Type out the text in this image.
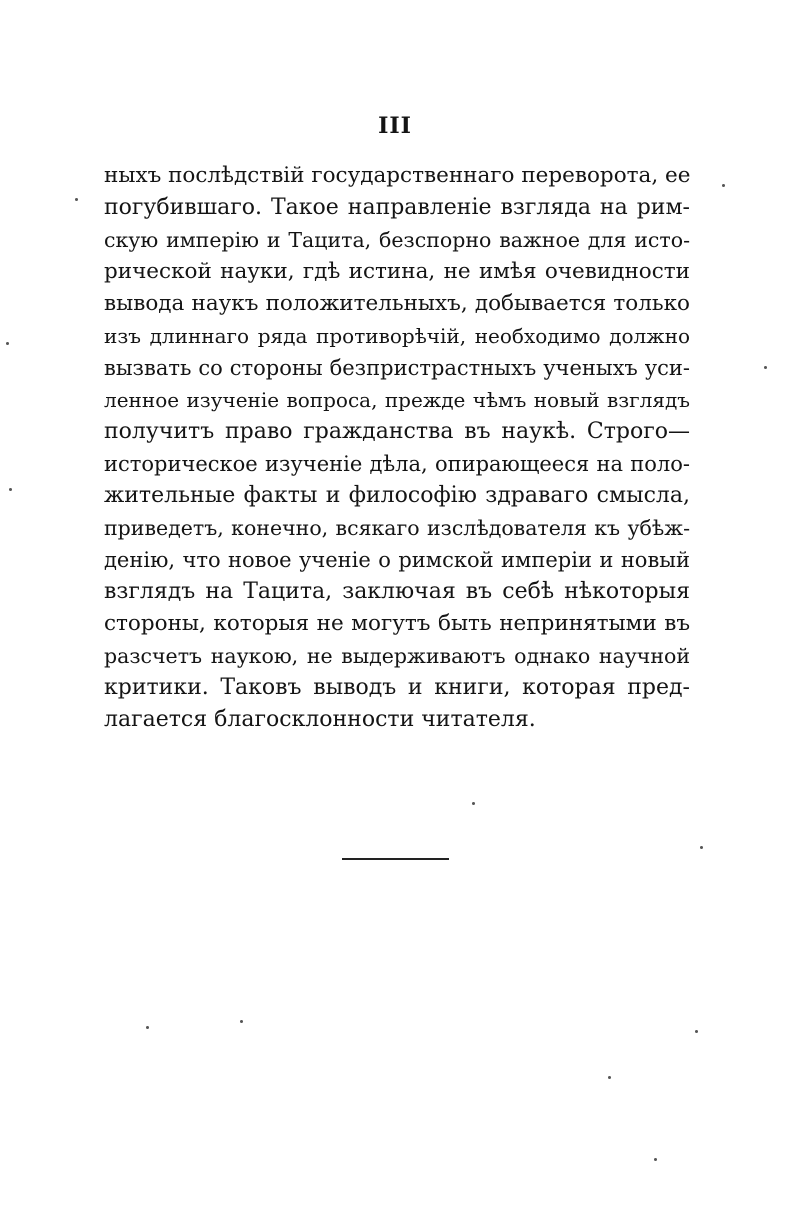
III
ныхъ послѣдствій государственнаго переворота, ее
погубившаго. Такое направленіе взгляда на рим-
скую имперію и Тацита, безспорно важное для исто-
рической науки, гдѣ истина, не имѣя очевидности
вывода наукъ положительныхъ, добывается только
изъ длиннаго ряда противорѣчій, необходимо должно
вызвать со стороны безпристрастныхъ ученыхъ уси-
ленное изученіе вопроса, прежде чѣмъ новый взглядъ
получитъ право гражданства въ наукѣ. Строго—
историческое изученіе дѣла, опирающееся на поло-
жительные факты и философію здраваго смысла,
приведетъ, конечно, всякаго изслѣдователя къ убѣж-
денію, что новое ученіе о римской имперіи и новый
взглядъ на Тацита, заключая въ себѣ нѣкоторыя
стороны, которыя не могутъ быть непринятыми въ
разсчетъ наукою, не выдерживаютъ однако научной
критики. Таковъ выводъ и книги, которая пред-
лагается благосклонности читателя.
